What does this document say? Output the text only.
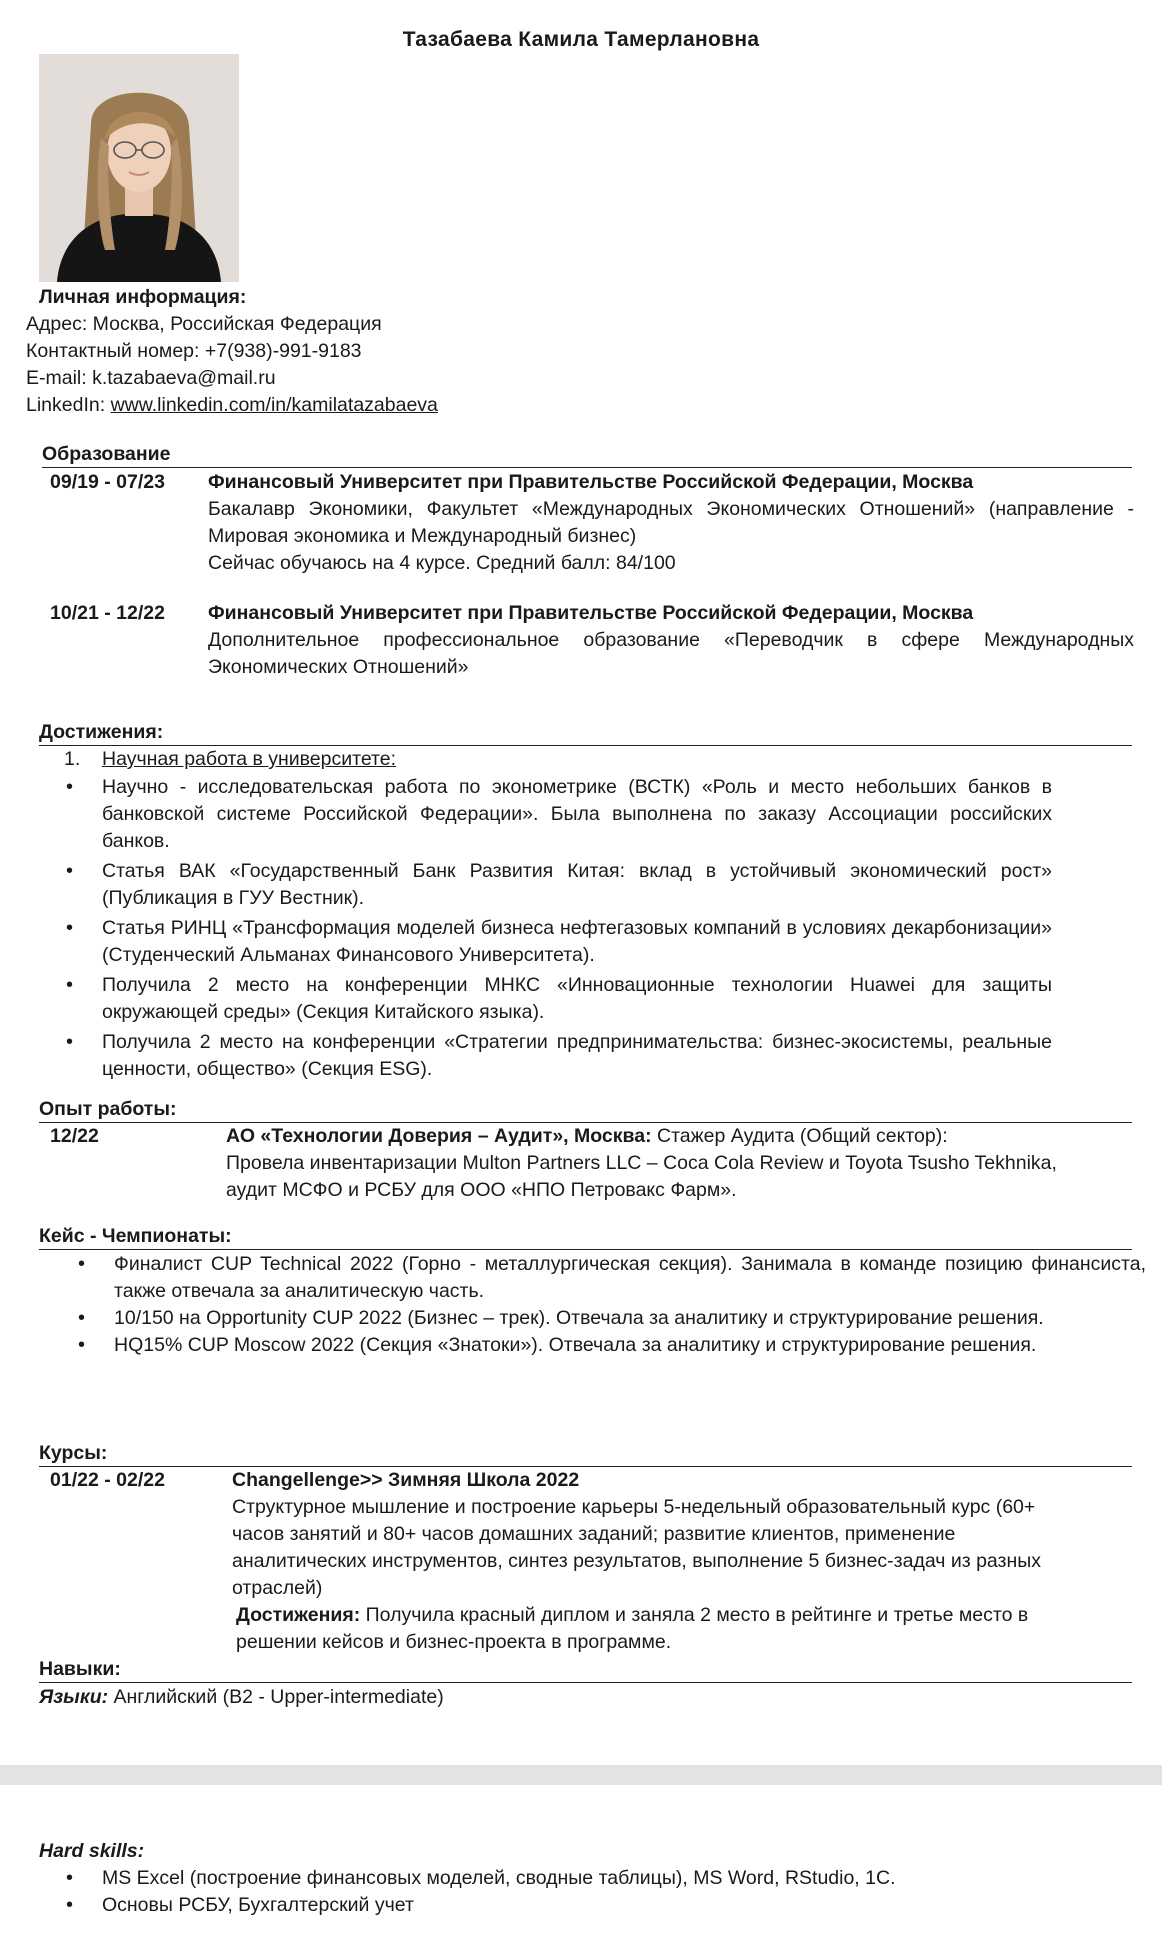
Тазабаева Камила Тамерлановна
Личная информация:
Адрес: Москва, Российская Федерация
Контактный номер: +7(938)-991-9183
E-mail: k.tazabaeva@mail.ru
LinkedIn: www.linkedin.com/in/kamilatazabaeva
Образование
09/19 - 07/23	Финансовый Университет при Правительстве Российской Федерации, Москва
Бакалавр Экономики, Факультет «Международных Экономических Отношений» (направление - Мировая экономика и Международный бизнес)
Сейчас обучаюсь на 4 курсе. Средний балл: 84/100
10/21 - 12/22	Финансовый Университет при Правительстве Российской Федерации, Москва
Дополнительное профессиональное образование «Переводчик в сфере Международных Экономических Отношений»
Достижения:
1. Научная работа в университете:
• Научно - исследовательская работа по эконометрике (ВСТК) «Роль и место небольших банков в банковской системе Российской Федерации». Была выполнена по заказу Ассоциации российских банков.
• Статья ВАК «Государственный Банк Развития Китая: вклад в устойчивый экономический рост» (Публикация в ГУУ Вестник).
• Статья РИНЦ «Трансформация моделей бизнеса нефтегазовых компаний в условиях декарбонизации» (Студенческий Альманах Финансового Университета).
• Получила 2 место на конференции МНКС «Инновационные технологии Huawei для защиты окружающей среды» (Секция Китайского языка).
• Получила 2 место на конференции «Стратегии предпринимательства: бизнес-экосистемы, реальные ценности, общество» (Секция ESG).
Опыт работы:
12/22	АО «Технологии Доверия – Аудит», Москва: Стажер Аудита (Общий сектор):
Провела инвентаризации Multon Partners LLC – Coca Cola Review и Toyota Tsusho Tekhnika, аудит МСФО и РСБУ для ООО «НПО Петровакс Фарм».
Кейс - Чемпионаты:
• Финалист CUP Technical 2022 (Горно - металлургическая секция). Занимала в команде позицию финансиста, также отвечала за аналитическую часть.
• 10/150 на Opportunity CUP 2022 (Бизнес – трек). Отвечала за аналитику и структурирование решения.
• HQ15% CUP Moscow 2022 (Секция «Знатоки»). Отвечала за аналитику и структурирование решения.
Курсы:
01/22 - 02/22	Changellenge>> Зимняя Школа 2022
Структурное мышление и построение карьеры 5-недельный образовательный курс (60+ часов занятий и 80+ часов домашних заданий; развитие клиентов, применение аналитических инструментов, синтез результатов, выполнение 5 бизнес-задач из разных отраслей)
Достижения: Получила красный диплом и заняла 2 место в рейтинге и третье место в решении кейсов и бизнес-проекта в программе.
Навыки:
Языки: Английский (B2 - Upper-intermediate)
Hard skills:
• MS Excel (построение финансовых моделей, сводные таблицы), MS Word, RStudio, 1C.
• Основы РСБУ, Бухгалтерский учет
